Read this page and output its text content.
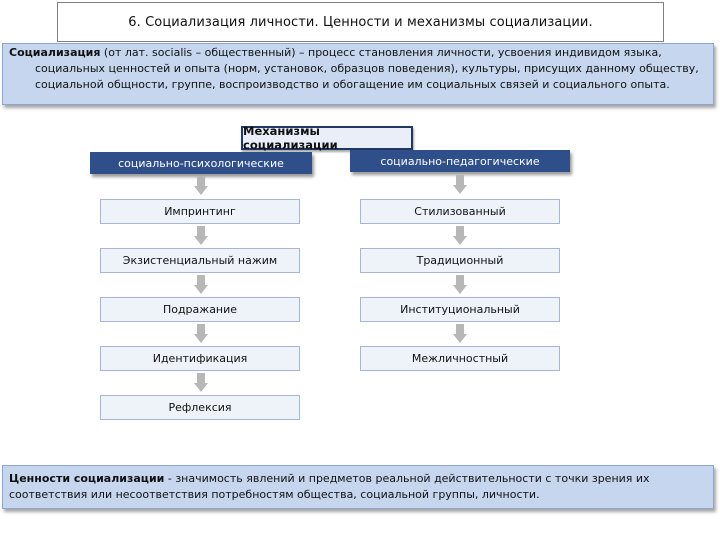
6. Социализация личности. Ценности и механизмы социализации.
Социализация (от лат. socialis – общественный) – процесс становления личности, усвоения индивидом языка,
социальных ценностей и опыта (норм, установок, образцов поведения), культуры, присущих данному обществу,
социальной общности, группе, воспроизводство и обогащение им социальных связей и социального опыта.
Механизмы социализации
социально-психологические	социально-педагогические
Импринтинг
Экзистенциальный нажим
Подражание
Идентификация
Рефлексия
Стилизованный
Традиционный
Институциональный
Межличностный
Ценности социализации - значимость явлений и предметов реальной действительности с точки зрения их
соответствия или несоответствия потребностям общества, социальной группы, личности.
